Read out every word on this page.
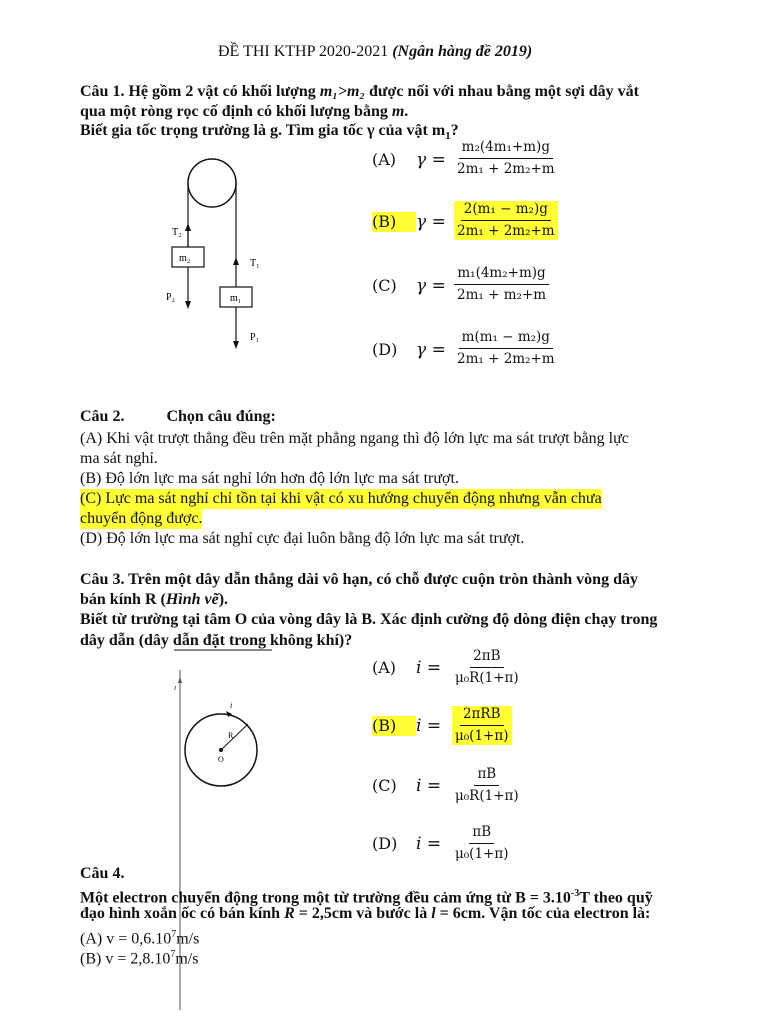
ĐỀ THI KTHP 2020-2021 (Ngân hàng đề 2019)
Câu 1. Hệ gồm 2 vật có khối lượng m₁>m₂ được nối với nhau bằng một sợi dây vắt
qua một ròng rọc cố định có khối lượng bằng m.
Biết gia tốc trọng trường là g. Tìm gia tốc γ của vật $m_1$?
T₂
m₂
P₂
T₁
m₁
P₁
(A) $\gamma = \frac{\text{m₂(4m₁+m)g}}{\text{2m₁ + 2m₂+m}}$
(B) $\gamma = \frac{\text{2(m₁ − m₂)g}}{\text{2m₁ + 2m₂+m}}$
(C) $\gamma = \frac{\text{m₁(4m₂+m)g}}{\text{2m₁ + m₂+m}}$
(D) $\gamma = \frac{\text{m(m₁ − m₂)g}}{\text{2m₁ + 2m₂+m}}$
Câu 2.	Chọn câu đúng:
(A) Khi vật trượt thẳng đều trên mặt phẳng ngang thì độ lớn lực ma sát trượt bằng lực
ma sát nghỉ.
(B) Độ lớn lực ma sát nghỉ lớn hơn độ lớn lực ma sát trượt.
(C) Lực ma sát nghỉ chỉ tồn tại khi vật có xu hướng chuyển động nhưng vẫn chưa
chuyển động được.
(D) Độ lớn lực ma sát nghỉ cực đại luôn bằng độ lớn lực ma sát trượt.
Câu 3. Trên một dây dẫn thẳng dài vô hạn, có chỗ được cuộn tròn thành vòng dây
bán kính R (Hình vẽ).
Biết từ trường tại tâm O của vòng dây là B. Xác định cường độ dòng điện chạy trong
dây dẫn (dây dẫn đặt trong không khí)?
I
i
R
O
(A) $i = \frac{2\pi B}{\text{μ₀R(1+π)}}$
(B) i =
2πRB
μ₀(1+π)
(C) $i = \frac{\pi B}{\text{μ₀R(1+π)}}$
(D) $i = \frac{\pi B}{\text{μ₀(1+π)}}$
Câu 4.
Một electron chuyển động trong một từ trường đều cảm ứng từ $B = 3.10^{-3}T$ theo quỹ
đạo hình xoắn ốc có bán kính R = 2,5cm và bước là l = 6cm. Vận tốc của electron là:
(A) $v = 0,6.10^7m/s$
(B) $v = 2,8.10^7m/s$
